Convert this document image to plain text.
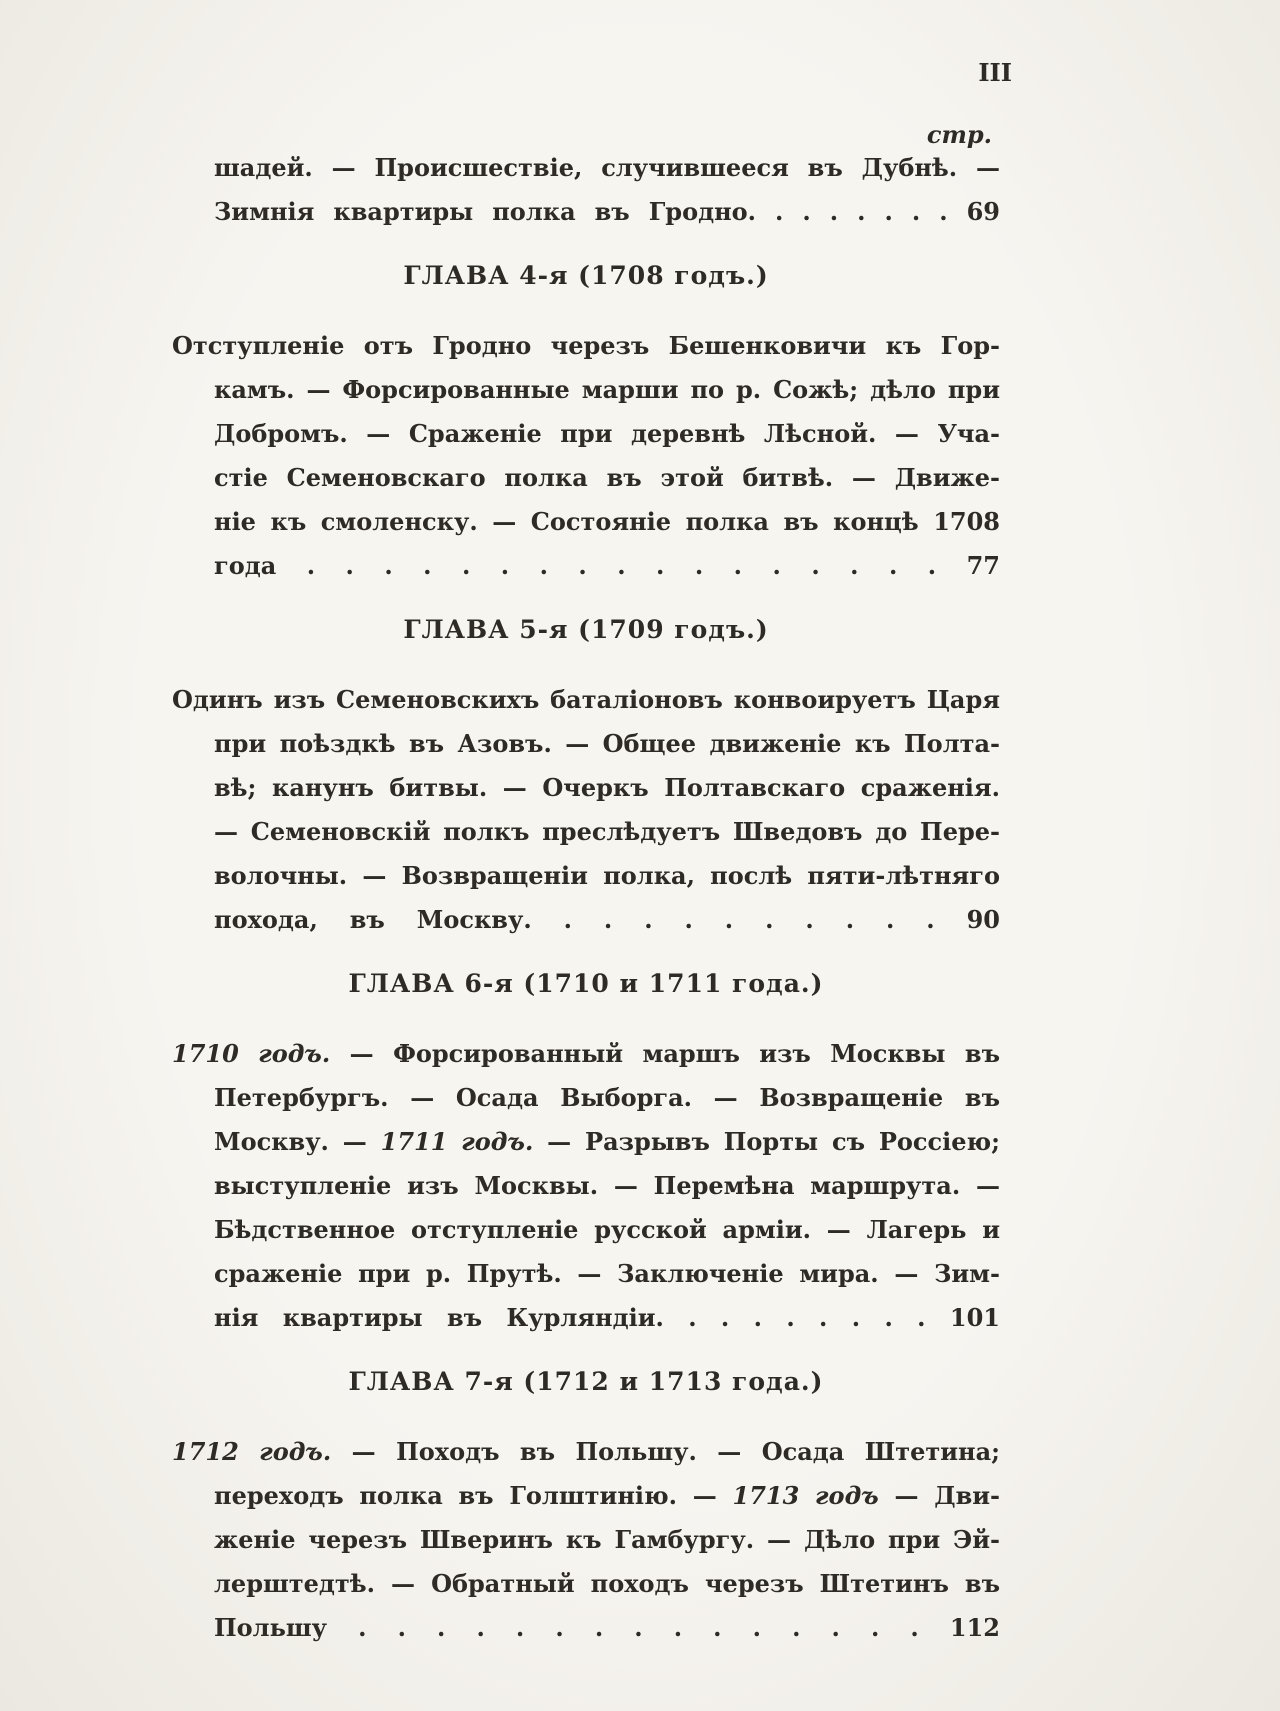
III
стр.
шадей. — Происшествіе, случившееся въ Дубнѣ. —
Зимнія квартиры полка въ Гродно. . . . . . . . 69
ГЛАВА 4-я (1708 годъ.)
Отступленіе отъ Гродно черезъ Бешенковичи къ Гор-
камъ. — Форсированные марши по р. Сожѣ; дѣло при
Добромъ. — Сраженіе при деревнѣ Лѣсной. — Уча-
стіе Семеновскаго полка въ этой битвѣ. — Движе-
ніе къ смоленску. — Состояніе полка въ концѣ 1708
года . . . . . . . . . . . . . . . . . 77
ГЛАВА 5-я (1709 годъ.)
Одинъ изъ Семеновскихъ баталіоновъ конвоируетъ Царя
при поѣздкѣ въ Азовъ. — Общее движеніе къ Полта-
вѣ; канунъ битвы. — Очеркъ Полтавскаго сраженія.
— Семеновскій полкъ преслѣдуетъ Шведовъ до Пере-
волочны. — Возвращеніи полка, послѣ пяти-лѣтняго
похода, въ Москву. . . . . . . . . . . 90
ГЛАВА 6-я (1710 и 1711 года.)
1710 годъ. — Форсированный маршъ изъ Москвы въ
Петербургъ. — Осада Выборга. — Возвращеніе въ
Москву. — 1711 годъ. — Разрывъ Порты съ Россіею;
выступленіе изъ Москвы. — Перемѣна маршрута. —
Бѣдственное отступленіе русской арміи. — Лагерь и
сраженіе при р. Прутѣ. — Заключеніе мира. — Зим-
нія квартиры въ Курляндіи. . . . . . . . . 101
ГЛАВА 7-я (1712 и 1713 года.)
1712 годъ. — Походъ въ Польшу. — Осада Штетина;
переходъ полка въ Голштинію. — 1713 годъ — Дви-
женіе черезъ Шверинъ къ Гамбургу. — Дѣло при Эй-
лерштедтѣ. — Обратный походъ черезъ Штетинъ въ
Польшу . . . . . . . . . . . . . . . 112
